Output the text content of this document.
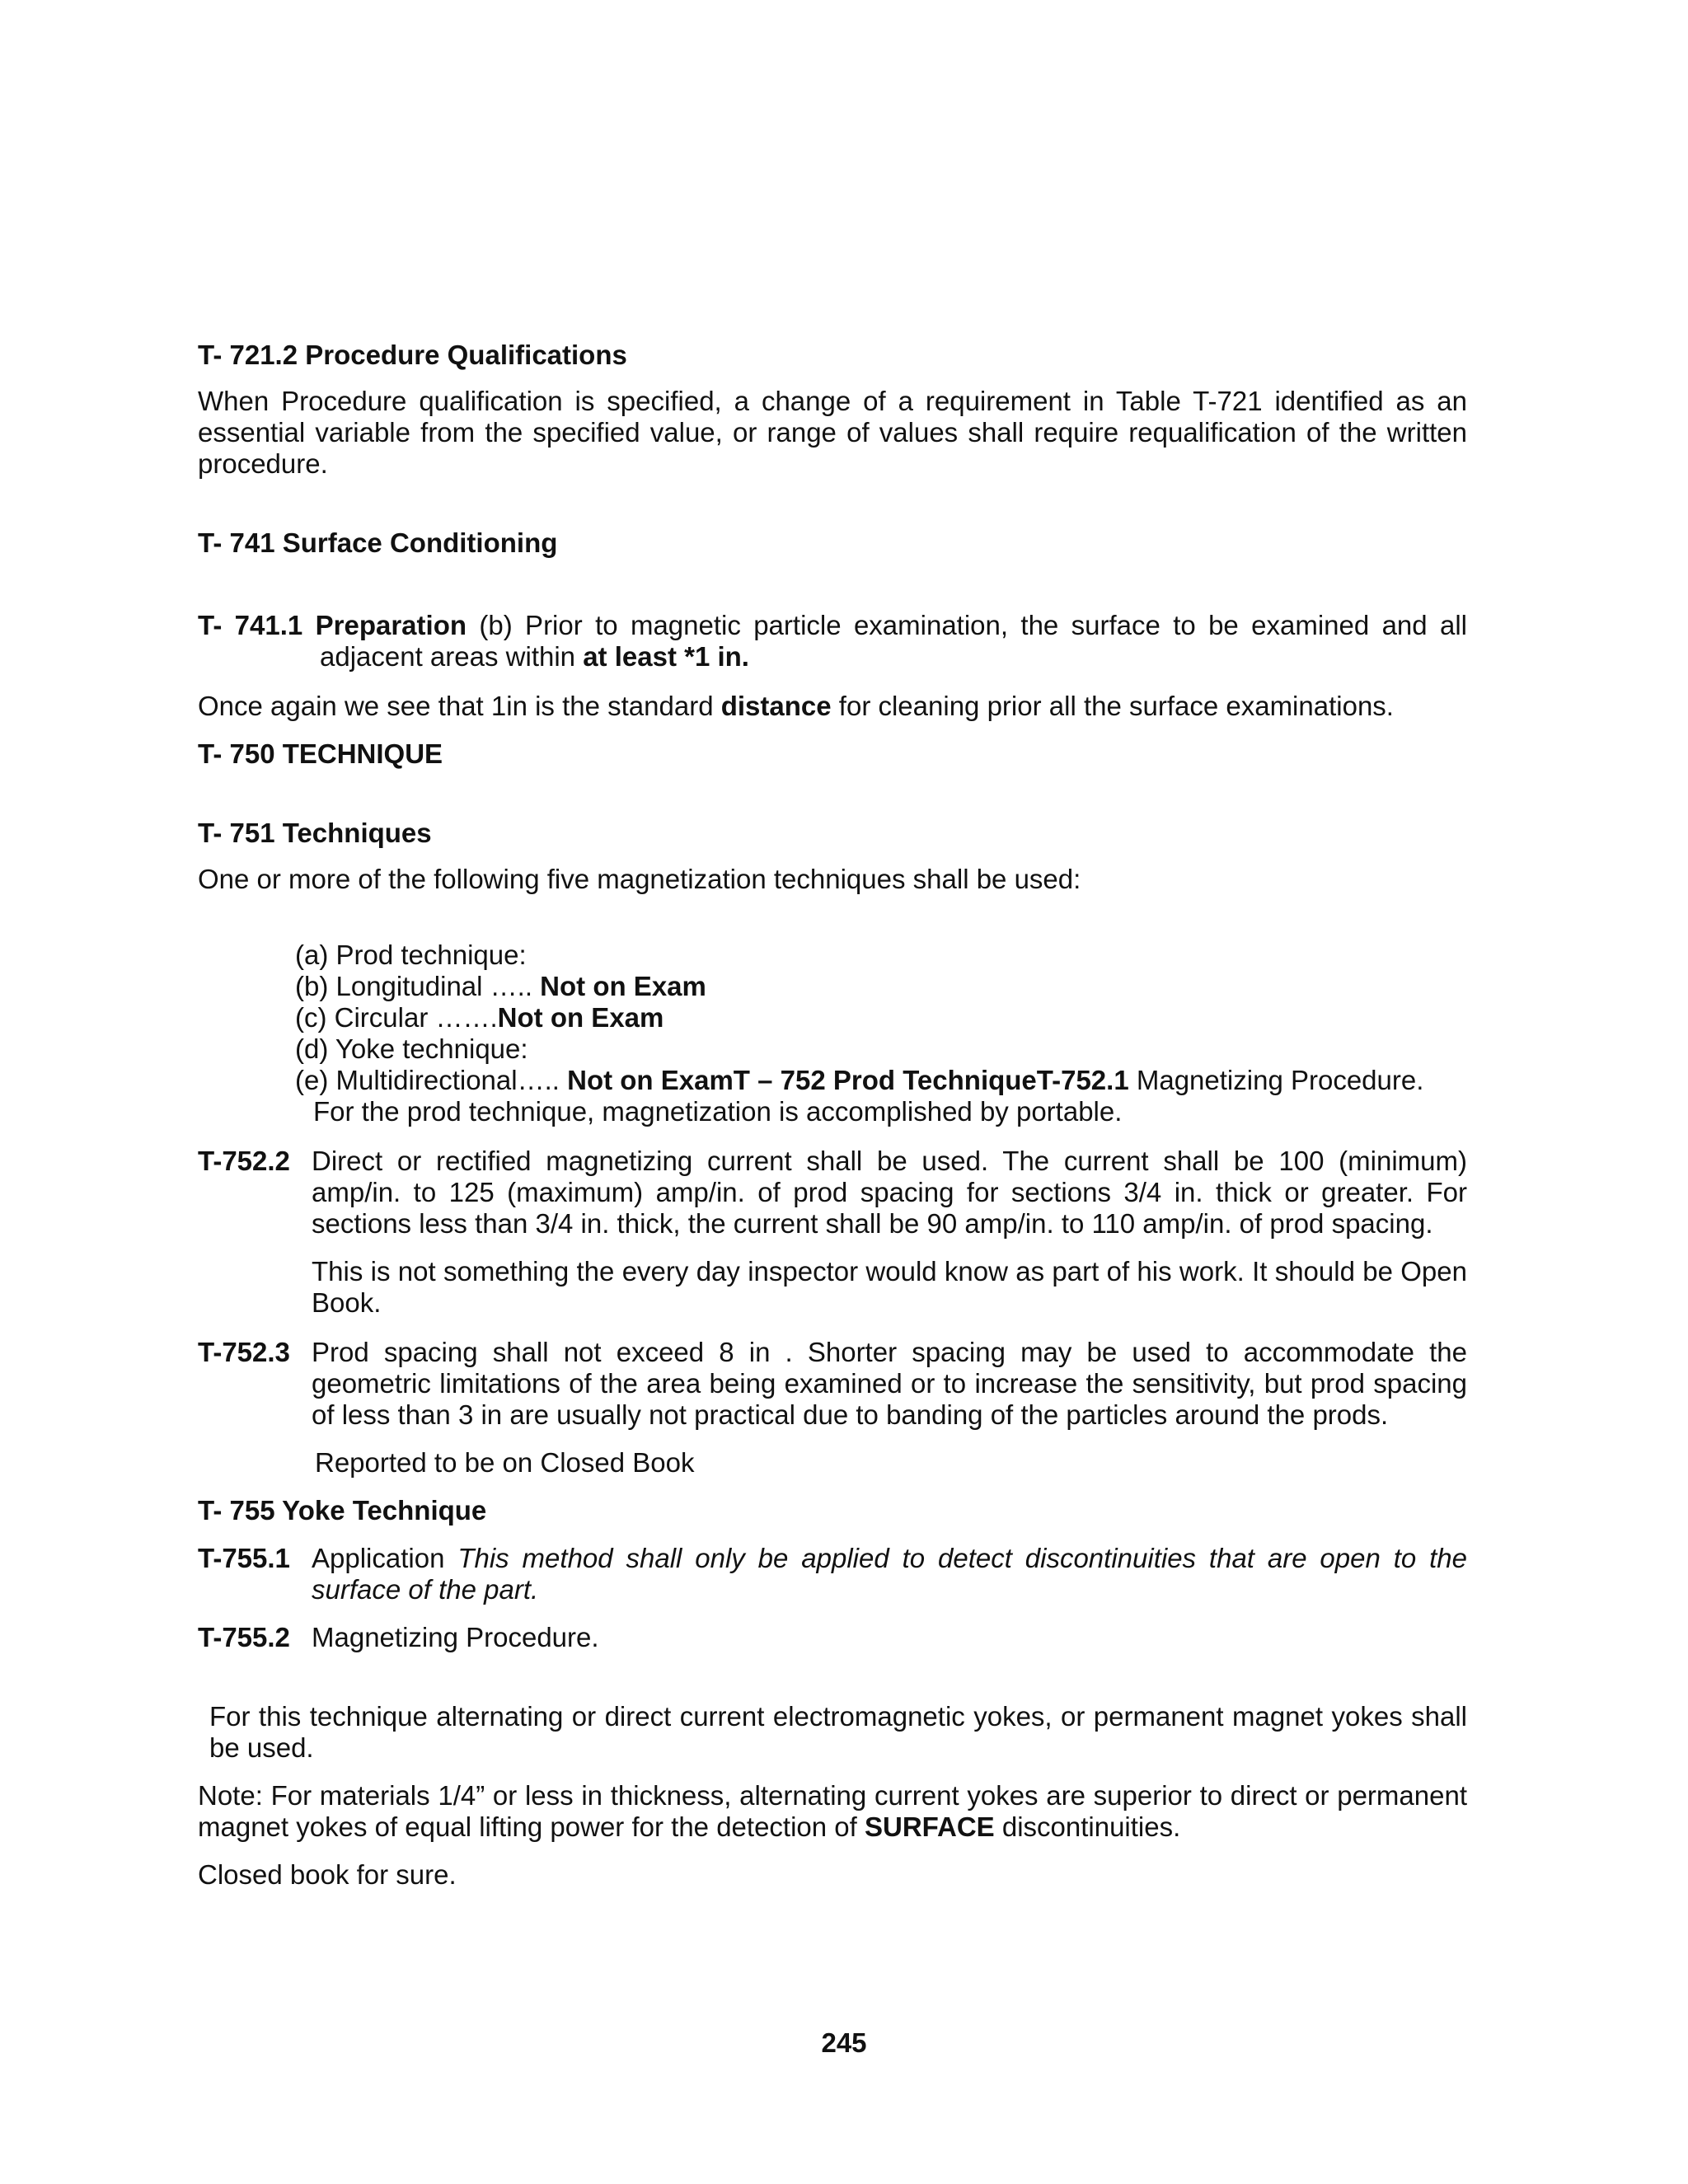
T- 721.2 Procedure Qualifications

When Procedure qualification is specified, a change of a requirement in Table T-721 identified as an essential variable from the specified value, or range of values shall require requalification of the written procedure.

T- 741 Surface Conditioning

T- 741.1 Preparation (b) Prior to magnetic particle examination, the surface to be examined and all adjacent areas within at least *1 in.

Once again we see that 1in is the standard distance for cleaning prior all the surface examinations.

T- 750 TECHNIQUE

T- 751 Techniques

One or more of the following five magnetization techniques shall be used:

(a) Prod technique:

(b) Longitudinal ….. Not on Exam

(c) Circular …….Not on Exam

(d) Yoke technique:

(e) Multidirectional….. Not on ExamT – 752 Prod TechniqueT-752.1 Magnetizing Procedure.

For the prod technique, magnetization is accomplished by portable.

T-752.2 Direct or rectified magnetizing current shall be used. The current shall be 100 (minimum) amp/in. to 125 (maximum) amp/in. of prod spacing for sections 3/4 in. thick or greater. For sections less than 3/4 in. thick, the current shall be 90 amp/in. to 110 amp/in. of prod spacing.

This is not something the every day inspector would know as part of his work. It should be Open Book.

T-752.3 Prod spacing shall not exceed 8 in . Shorter spacing may be used to accommodate the geometric limitations of the area being examined or to increase the sensitivity, but prod spacing of less than 3 in are usually not practical due to banding of the particles around the prods.

Reported to be on Closed Book

T- 755 Yoke Technique

T-755.1 Application This method shall only be applied to detect discontinuities that are open to the surface of the part.

T-755.2 Magnetizing Procedure.

For this technique alternating or direct current electromagnetic yokes, or permanent magnet yokes shall be used.

Note: For materials 1/4” or less in thickness, alternating current yokes are superior to direct or permanent magnet yokes of equal lifting power for the detection of SURFACE discontinuities.

Closed book for sure.

245
